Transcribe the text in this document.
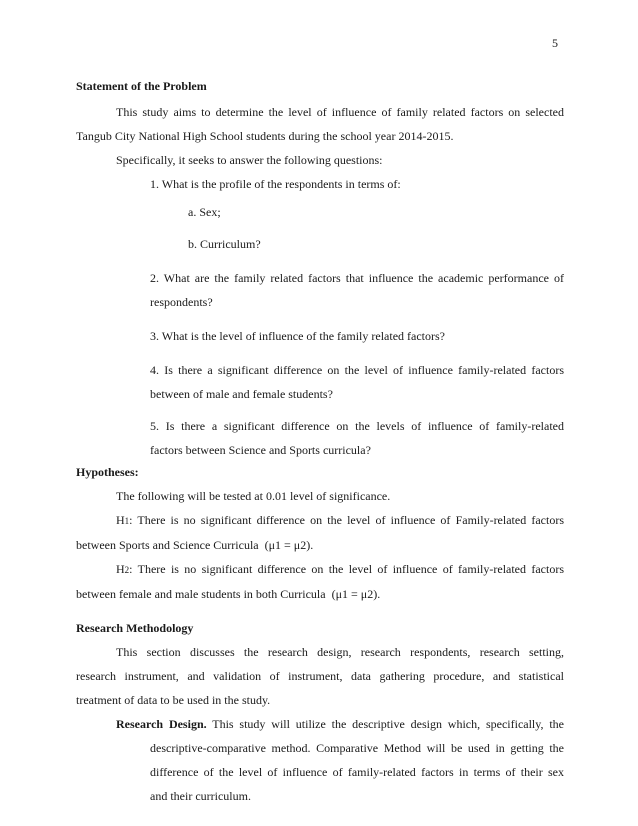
5

Statement of the Problem

This study aims to determine the level of influence of family related factors on selected

Tangub City National High School students during the school year 2014-2015.

Specifically, it seeks to answer the following questions:

1. What is the profile of the respondents in terms of:

a. Sex;

b. Curriculum?

2. What are the family related factors that influence the academic performance of

respondents?

3. What is the level of influence of the family related factors?

4. Is there a significant difference on the level of influence family-related factors

between of male and female students?

5. Is there a significant difference on the levels of influence of family-related

factors between Science and Sports curricula?

Hypotheses:

The following will be tested at 0.01 level of significance.

H1: There is no significant difference on the level of influence of Family-related factors

between Sports and Science Curricula (μ1 = μ2).

H2: There is no significant difference on the level of influence of family-related factors

between female and male students in both Curricula (μ1 = μ2).

Research Methodology

This section discusses the research design, research respondents, research setting,

research instrument, and validation of instrument, data gathering procedure, and statistical

treatment of data to be used in the study.

Research Design. This study will utilize the descriptive design which, specifically, the

descriptive-comparative method. Comparative Method will be used in getting the

difference of the level of influence of family-related factors in terms of their sex

and their curriculum.
